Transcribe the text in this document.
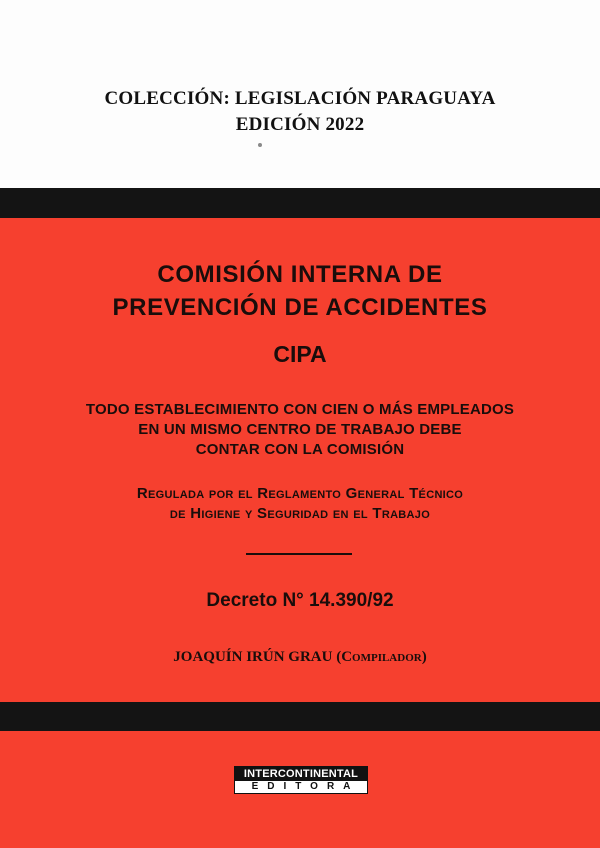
COLECCIÓN: LEGISLACIÓN PARAGUAYA
EDICIÓN 2022
COMISIÓN INTERNA DE
PREVENCIÓN DE ACCIDENTES
CIPA
TODO ESTABLECIMIENTO CON CIEN O MÁS EMPLEADOS
EN UN MISMO CENTRO DE TRABAJO DEBE
CONTAR CON LA COMISIÓN
Regulada por el Reglamento General Técnico
de Higiene y Seguridad en el Trabajo
Decreto N° 14.390/92
JOAQUÍN IRÚN GRAU (Compilador)
INTERCONTINENTAL
EDITORA
